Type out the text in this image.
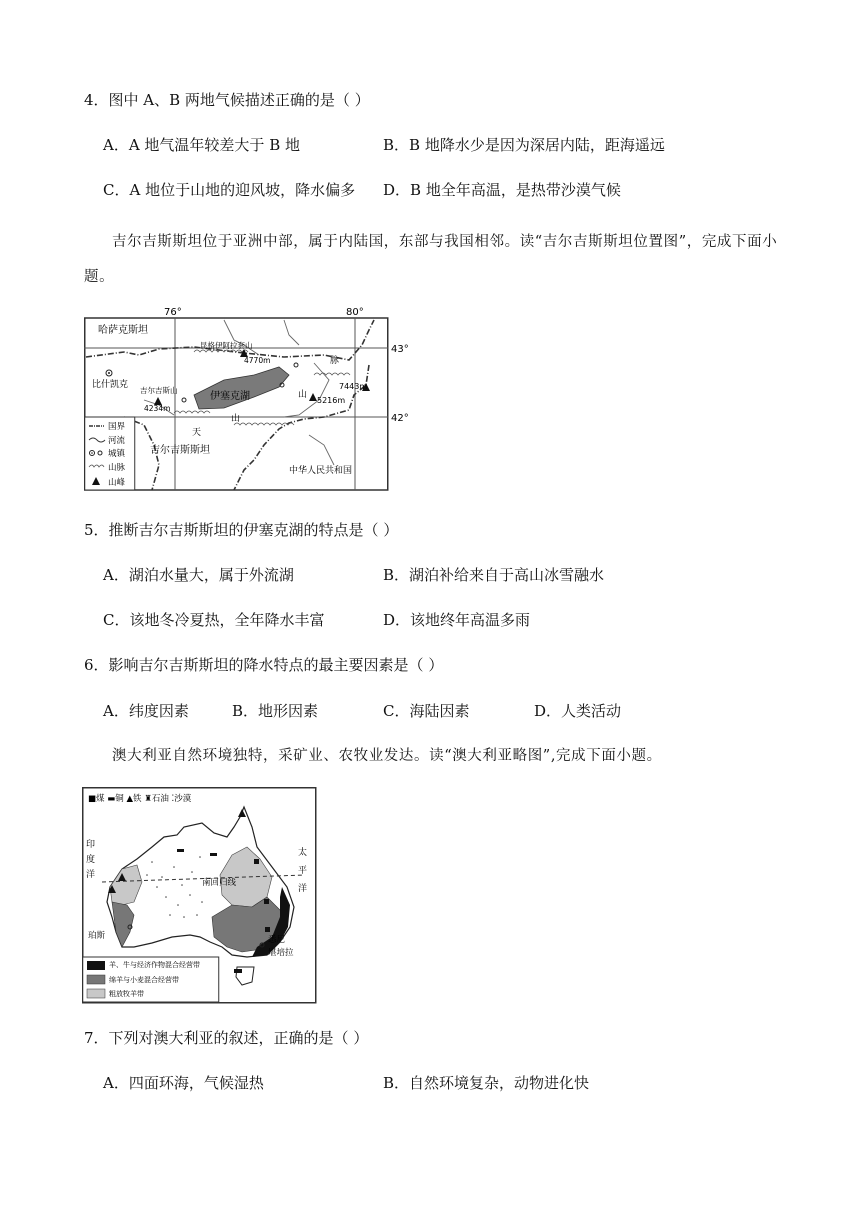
4．图中 A、B 两地气候描述正确的是（ ）
A．A 地气温年较差大于 B 地	B．B 地降水少是因为深居内陆，距海遥远
C．A 地位于山地的迎风坡，降水偏多 D．B 地全年高温，是热带沙漠气候
吉尔吉斯斯坦位于亚洲中部，属于内陆国，东部与我国相邻。读“吉尔吉斯斯坦位置图”，完成下面小题。
76°	80°
43°
42°
哈萨克斯坦
昆格伊阿拉套山
4770m
比什凯克
吉尔吉斯山
4234m
伊塞克湖
7443m
5216m
脉
山
山
天
吉尔吉斯斯坦
中华人民共和国
国界
河流
城镇
山脉
山峰
5．推断吉尔吉斯斯坦的伊塞克湖的特点是（ ）
A．湖泊水量大，属于外流湖	B．湖泊补给来自于高山冰雪融水
C．该地冬冷夏热，全年降水丰富	D．该地终年高温多雨
6．影响吉尔吉斯斯坦的降水特点的最主要因素是（ ）
A．纬度因素	B．地形因素	C．海陆因素	D．人类活动
澳大利亚自然环境独特，采矿业、农牧业发达。读“澳大利亚略图”,完成下面小题。
■煤 ▬铜 ▲铁 ♜石油 ⁚沙漠
印
度
洋
太
平
洋
南回归线
珀斯	悉尼
堪培拉
羊、牛与经济作物混合经营带
绵羊与小麦混合经营带
粗放牧羊带
7．下列对澳大利亚的叙述，正确的是（ ）
A．四面环海，气候湿热	B．自然环境复杂，动物进化快
